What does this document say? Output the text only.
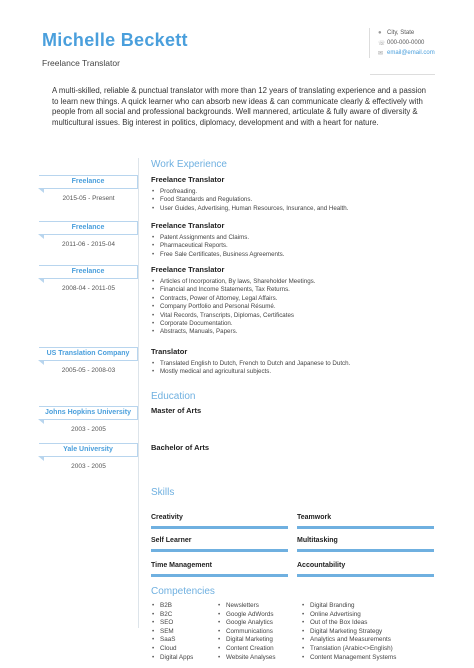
Michelle Beckett
Freelance Translator
● City, State
☏ 000-000-0000
✉ email@email.com
A multi-skilled, reliable & punctual translator with more than 12 years of translating experience and a passion to learn new things. A quick learner who can absorb new ideas & can communicate clearly & effectively with people from all social and professional backgrounds. Well mannered, articulate & fully aware of diversity & multicultural issues. Big interest in politics, diplomacy, development and with a heart for nature.
Work Experience
Freelance
2015-05 - Present
Freelance Translator
• Proofreading.
• Food Standards and Regulations.
• User Guides, Advertising, Human Resources, Insurance, and Health.
Freelance
2011-06 - 2015-04
Freelance Translator
• Patent Assignments and Claims.
• Pharmaceutical Reports.
• Free Sale Certificates, Business Agreements.
Freelance
2008-04 - 2011-05
Freelance Translator
• Articles of Incorporation, By laws, Shareholder Meetings.
• Financial and Income Statements, Tax Returns.
• Contracts, Power of Attorney, Legal Affairs.
• Company Portfolio and Personal Résumé.
• Vital Records, Transcripts, Diplomas, Certificates
• Corporate Documentation.
• Abstracts, Manuals, Papers.
US Translation Company
2005-05 - 2008-03
Translator
• Translated English to Dutch, French to Dutch and Japanese to Dutch.
• Mostly medical and agricultural subjects.
Education
Johns Hopkins University
2003 - 2005
Master of Arts
Yale University
2003 - 2005
Bachelor of Arts
Skills
Creativity	Teamwork
Self Learner	Multitasking
Time Management	Accountability
Competencies
• B2B
• B2C
• SEO
• SEM
• SaaS
• Cloud
• Digital Apps
• Newsletters
• Google AdWords
• Google Analytics
• Communications
• Digital Marketing
• Content Creation
• Website Analyses
• Digital Branding
• Online Advertising
• Out of the Box Ideas
• Digital Marketing Strategy
• Analytics and Measurements
• Translation (Arabic<>English)
• Content Management Systems
